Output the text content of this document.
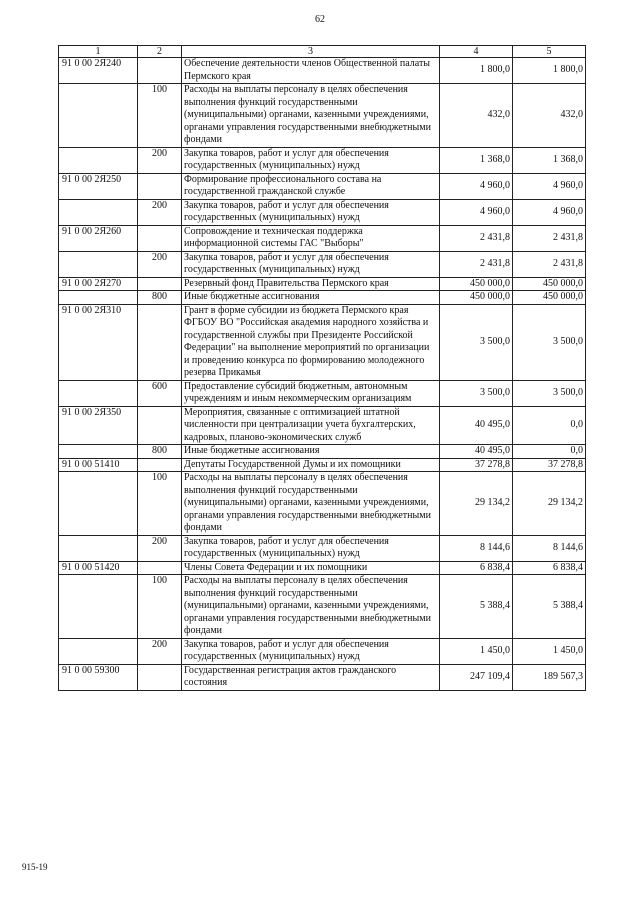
62
1	2	3	4	5
91 0 00 2Я240		Обеспечение деятельности членов Общественной палаты Пермского края	1 800,0	1 800,0
	100	Расходы на выплаты персоналу в целях обеспечения выполнения функций государственными (муниципальными) органами, казенными учреждениями, органами управления государственными внебюджетными фондами	432,0	432,0
	200	Закупка товаров, работ и услуг для обеспечения государственных (муниципальных) нужд	1 368,0	1 368,0
91 0 00 2Я250		Формирование профессионального состава на государственной гражданской службе	4 960,0	4 960,0
	200	Закупка товаров, работ и услуг для обеспечения государственных (муниципальных) нужд	4 960,0	4 960,0
91 0 00 2Я260		Сопровождение и техническая поддержка информационной системы ГАС "Выборы"	2 431,8	2 431,8
	200	Закупка товаров, работ и услуг для обеспечения государственных (муниципальных) нужд	2 431,8	2 431,8
91 0 00 2Я270		Резервный фонд Правительства Пермского края	450 000,0	450 000,0
	800	Иные бюджетные ассигнования	450 000,0	450 000,0
91 0 00 2Я310		Грант в форме субсидии из бюджета Пермского края ФГБОУ ВО "Российская академия народного хозяйства и государственной службы при Президенте Российской Федерации" на выполнение мероприятий по организации и проведению конкурса по формированию молодежного резерва Прикамья	3 500,0	3 500,0
	600	Предоставление субсидий бюджетным, автономным учреждениям и иным некоммерческим организациям	3 500,0	3 500,0
91 0 00 2Я350		Мероприятия, связанные с оптимизацией штатной численности при централизации учета бухгалтерских, кадровых, планово-экономических служб	40 495,0	0,0
	800	Иные бюджетные ассигнования	40 495,0	0,0
91 0 00 51410		Депутаты Государственной Думы и их помощники	37 278,8	37 278,8
	100	Расходы на выплаты персоналу в целях обеспечения выполнения функций государственными (муниципальными) органами, казенными учреждениями, органами управления государственными внебюджетными фондами	29 134,2	29 134,2
	200	Закупка товаров, работ и услуг для обеспечения государственных (муниципальных) нужд	8 144,6	8 144,6
91 0 00 51420		Члены Совета Федерации и их помощники	6 838,4	6 838,4
	100	Расходы на выплаты персоналу в целях обеспечения выполнения функций государственными (муниципальными) органами, казенными учреждениями, органами управления государственными внебюджетными фондами	5 388,4	5 388,4
	200	Закупка товаров, работ и услуг для обеспечения государственных (муниципальных) нужд	1 450,0	1 450,0
91 0 00 59300		Государственная регистрация актов гражданского состояния	247 109,4	189 567,3
915-19
